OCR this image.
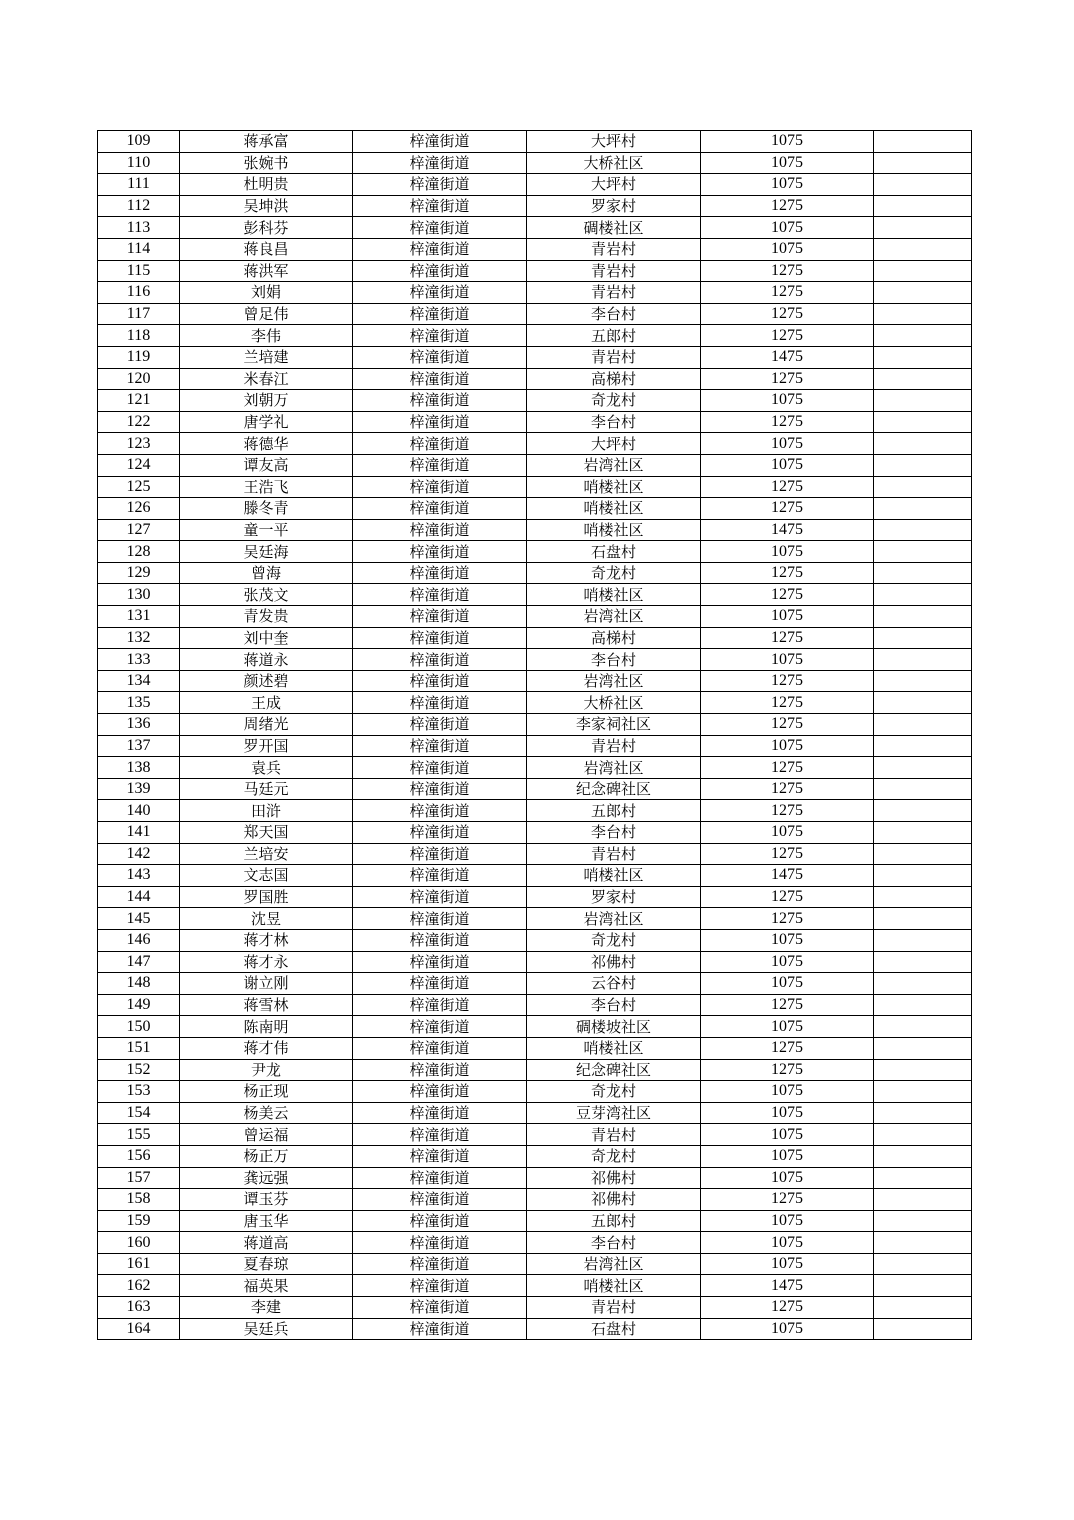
109	蒋承富	梓潼街道	大坪村	1075	
110	张婉书	梓潼街道	大桥社区	1075	
111	杜明贵	梓潼街道	大坪村	1075	
112	吴坤洪	梓潼街道	罗家村	1275	
113	彭科芬	梓潼街道	碉楼社区	1075	
114	蒋良昌	梓潼街道	青岩村	1075	
115	蒋洪军	梓潼街道	青岩村	1275	
116	刘娟	梓潼街道	青岩村	1275	
117	曾足伟	梓潼街道	李台村	1275	
118	李伟	梓潼街道	五郎村	1275	
119	兰培建	梓潼街道	青岩村	1475	
120	米春江	梓潼街道	高梯村	1275	
121	刘朝万	梓潼街道	奇龙村	1075	
122	唐学礼	梓潼街道	李台村	1275	
123	蒋德华	梓潼街道	大坪村	1075	
124	谭友高	梓潼街道	岩湾社区	1075	
125	王浩飞	梓潼街道	哨楼社区	1275	
126	滕冬青	梓潼街道	哨楼社区	1275	
127	童一平	梓潼街道	哨楼社区	1475	
128	吴廷海	梓潼街道	石盘村	1075	
129	曾海	梓潼街道	奇龙村	1275	
130	张茂文	梓潼街道	哨楼社区	1275	
131	青发贵	梓潼街道	岩湾社区	1075	
132	刘中奎	梓潼街道	高梯村	1275	
133	蒋道永	梓潼街道	李台村	1075	
134	颜述碧	梓潼街道	岩湾社区	1275	
135	王成	梓潼街道	大桥社区	1275	
136	周绪光	梓潼街道	李家祠社区	1275	
137	罗开国	梓潼街道	青岩村	1075	
138	袁兵	梓潼街道	岩湾社区	1275	
139	马廷元	梓潼街道	纪念碑社区	1275	
140	田浒	梓潼街道	五郎村	1275	
141	郑天国	梓潼街道	李台村	1075	
142	兰培安	梓潼街道	青岩村	1275	
143	文志国	梓潼街道	哨楼社区	1475	
144	罗国胜	梓潼街道	罗家村	1275	
145	沈昱	梓潼街道	岩湾社区	1275	
146	蒋才林	梓潼街道	奇龙村	1075	
147	蒋才永	梓潼街道	祁佛村	1075	
148	谢立刚	梓潼街道	云谷村	1075	
149	蒋雪林	梓潼街道	李台村	1275	
150	陈南明	梓潼街道	碉楼坡社区	1075	
151	蒋才伟	梓潼街道	哨楼社区	1275	
152	尹龙	梓潼街道	纪念碑社区	1275	
153	杨正现	梓潼街道	奇龙村	1075	
154	杨美云	梓潼街道	豆芽湾社区	1075	
155	曾运福	梓潼街道	青岩村	1075	
156	杨正万	梓潼街道	奇龙村	1075	
157	龚远强	梓潼街道	祁佛村	1075	
158	谭玉芬	梓潼街道	祁佛村	1275	
159	唐玉华	梓潼街道	五郎村	1075	
160	蒋道高	梓潼街道	李台村	1075	
161	夏春琼	梓潼街道	岩湾社区	1075	
162	福英果	梓潼街道	哨楼社区	1475	
163	李建	梓潼街道	青岩村	1275	
164	吴廷兵	梓潼街道	石盘村	1075	
